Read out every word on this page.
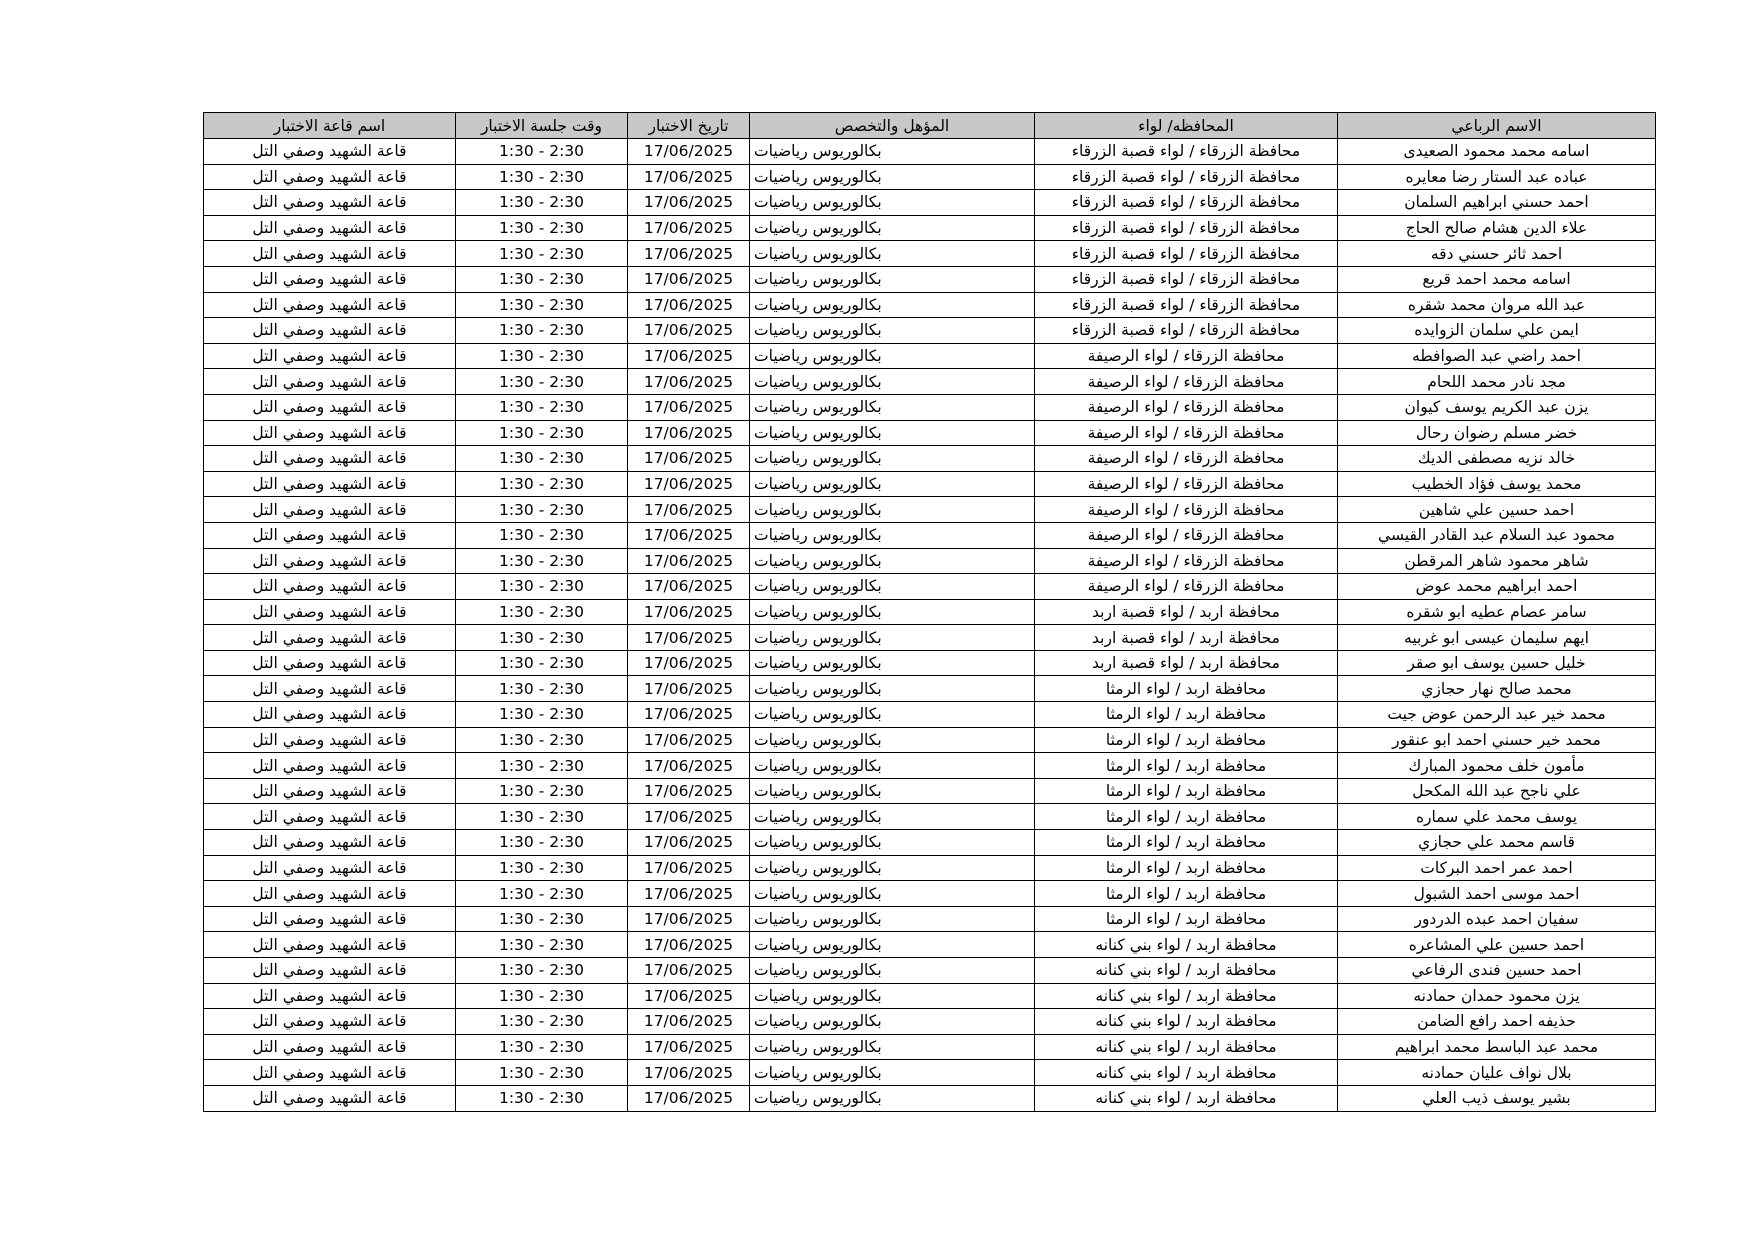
اسم قاعة الاختبار	وقت جلسة الاختبار	تاريخ الاختبار	المؤهل والتخصص	المحافظه/ لواء	الاسم الرباعي
قاعة الشهيد وصفي التل	1:30 - 2:30	17/06/2025	بكالوريوس رياضيات	محافظة الزرقاء / لواء قصبة الزرقاء	اسامه محمد محمود الصعيدى
قاعة الشهيد وصفي التل	1:30 - 2:30	17/06/2025	بكالوريوس رياضيات	محافظة الزرقاء / لواء قصبة الزرقاء	عباده عبد الستار رضا معايره
قاعة الشهيد وصفي التل	1:30 - 2:30	17/06/2025	بكالوريوس رياضيات	محافظة الزرقاء / لواء قصبة الزرقاء	احمد حسني ابراهيم السلمان
قاعة الشهيد وصفي التل	1:30 - 2:30	17/06/2025	بكالوريوس رياضيات	محافظة الزرقاء / لواء قصبة الزرقاء	علاء الدين هشام صالح الحاج
قاعة الشهيد وصفي التل	1:30 - 2:30	17/06/2025	بكالوريوس رياضيات	محافظة الزرقاء / لواء قصبة الزرقاء	احمد ثائر حسني دقه
قاعة الشهيد وصفي التل	1:30 - 2:30	17/06/2025	بكالوريوس رياضيات	محافظة الزرقاء / لواء قصبة الزرقاء	اسامه محمد احمد قريع
قاعة الشهيد وصفي التل	1:30 - 2:30	17/06/2025	بكالوريوس رياضيات	محافظة الزرقاء / لواء قصبة الزرقاء	عبد الله مروان محمد شقره
قاعة الشهيد وصفي التل	1:30 - 2:30	17/06/2025	بكالوريوس رياضيات	محافظة الزرقاء / لواء قصبة الزرقاء	ايمن علي سلمان الزوايده
قاعة الشهيد وصفي التل	1:30 - 2:30	17/06/2025	بكالوريوس رياضيات	محافظة الزرقاء / لواء الرصيفة	احمد راضي عبد الصوافطه
قاعة الشهيد وصفي التل	1:30 - 2:30	17/06/2025	بكالوريوس رياضيات	محافظة الزرقاء / لواء الرصيفة	مجد نادر محمد اللحام
قاعة الشهيد وصفي التل	1:30 - 2:30	17/06/2025	بكالوريوس رياضيات	محافظة الزرقاء / لواء الرصيفة	يزن عبد الكريم يوسف كيوان
قاعة الشهيد وصفي التل	1:30 - 2:30	17/06/2025	بكالوريوس رياضيات	محافظة الزرقاء / لواء الرصيفة	خضر مسلم رضوان رحال
قاعة الشهيد وصفي التل	1:30 - 2:30	17/06/2025	بكالوريوس رياضيات	محافظة الزرقاء / لواء الرصيفة	خالد نزيه مصطفى الديك
قاعة الشهيد وصفي التل	1:30 - 2:30	17/06/2025	بكالوريوس رياضيات	محافظة الزرقاء / لواء الرصيفة	محمد يوسف فؤاد الخطيب
قاعة الشهيد وصفي التل	1:30 - 2:30	17/06/2025	بكالوريوس رياضيات	محافظة الزرقاء / لواء الرصيفة	احمد حسين علي شاهين
قاعة الشهيد وصفي التل	1:30 - 2:30	17/06/2025	بكالوريوس رياضيات	محافظة الزرقاء / لواء الرصيفة	محمود عبد السلام عبد القادر القيسي
قاعة الشهيد وصفي التل	1:30 - 2:30	17/06/2025	بكالوريوس رياضيات	محافظة الزرقاء / لواء الرصيفة	شاهر محمود شاهر المرقطن
قاعة الشهيد وصفي التل	1:30 - 2:30	17/06/2025	بكالوريوس رياضيات	محافظة الزرقاء / لواء الرصيفة	احمد ابراهيم محمد عوض
قاعة الشهيد وصفي التل	1:30 - 2:30	17/06/2025	بكالوريوس رياضيات	محافظة اربد / لواء قصبة اربد	سامر عصام عطيه ابو شقره
قاعة الشهيد وصفي التل	1:30 - 2:30	17/06/2025	بكالوريوس رياضيات	محافظة اربد / لواء قصبة اربد	ايهم سليمان عيسى ابو غربيه
قاعة الشهيد وصفي التل	1:30 - 2:30	17/06/2025	بكالوريوس رياضيات	محافظة اربد / لواء قصبة اربد	خليل حسين يوسف ابو صقر
قاعة الشهيد وصفي التل	1:30 - 2:30	17/06/2025	بكالوريوس رياضيات	محافظة اربد / لواء الرمثا	محمد صالح نهار حجازي
قاعة الشهيد وصفي التل	1:30 - 2:30	17/06/2025	بكالوريوس رياضيات	محافظة اربد / لواء الرمثا	محمد خير عبد الرحمن عوض جيت
قاعة الشهيد وصفي التل	1:30 - 2:30	17/06/2025	بكالوريوس رياضيات	محافظة اربد / لواء الرمثا	محمد خير حسني احمد ابو عنقور
قاعة الشهيد وصفي التل	1:30 - 2:30	17/06/2025	بكالوريوس رياضيات	محافظة اربد / لواء الرمثا	مأمون خلف محمود المبارك
قاعة الشهيد وصفي التل	1:30 - 2:30	17/06/2025	بكالوريوس رياضيات	محافظة اربد / لواء الرمثا	علي ناجح عبد الله المكحل
قاعة الشهيد وصفي التل	1:30 - 2:30	17/06/2025	بكالوريوس رياضيات	محافظة اربد / لواء الرمثا	يوسف محمد علي سماره
قاعة الشهيد وصفي التل	1:30 - 2:30	17/06/2025	بكالوريوس رياضيات	محافظة اربد / لواء الرمثا	قاسم محمد علي حجازي
قاعة الشهيد وصفي التل	1:30 - 2:30	17/06/2025	بكالوريوس رياضيات	محافظة اربد / لواء الرمثا	احمد عمر احمد البركات
قاعة الشهيد وصفي التل	1:30 - 2:30	17/06/2025	بكالوريوس رياضيات	محافظة اربد / لواء الرمثا	احمد موسى احمد الشبول
قاعة الشهيد وصفي التل	1:30 - 2:30	17/06/2025	بكالوريوس رياضيات	محافظة اربد / لواء الرمثا	سفيان احمد عبده الدردور
قاعة الشهيد وصفي التل	1:30 - 2:30	17/06/2025	بكالوريوس رياضيات	محافظة اربد / لواء بني كنانه	احمد حسين علي المشاعره
قاعة الشهيد وصفي التل	1:30 - 2:30	17/06/2025	بكالوريوس رياضيات	محافظة اربد / لواء بني كنانه	احمد حسين فندى الرفاعي
قاعة الشهيد وصفي التل	1:30 - 2:30	17/06/2025	بكالوريوس رياضيات	محافظة اربد / لواء بني كنانه	يزن محمود حمدان حمادنه
قاعة الشهيد وصفي التل	1:30 - 2:30	17/06/2025	بكالوريوس رياضيات	محافظة اربد / لواء بني كنانه	حذيفه احمد رافع الضامن
قاعة الشهيد وصفي التل	1:30 - 2:30	17/06/2025	بكالوريوس رياضيات	محافظة اربد / لواء بني كنانه	محمد عبد الباسط محمد ابراهيم
قاعة الشهيد وصفي التل	1:30 - 2:30	17/06/2025	بكالوريوس رياضيات	محافظة اربد / لواء بني كنانه	بلال نواف عليان حمادنه
قاعة الشهيد وصفي التل	1:30 - 2:30	17/06/2025	بكالوريوس رياضيات	محافظة اربد / لواء بني كنانه	بشير يوسف ذيب العلي
